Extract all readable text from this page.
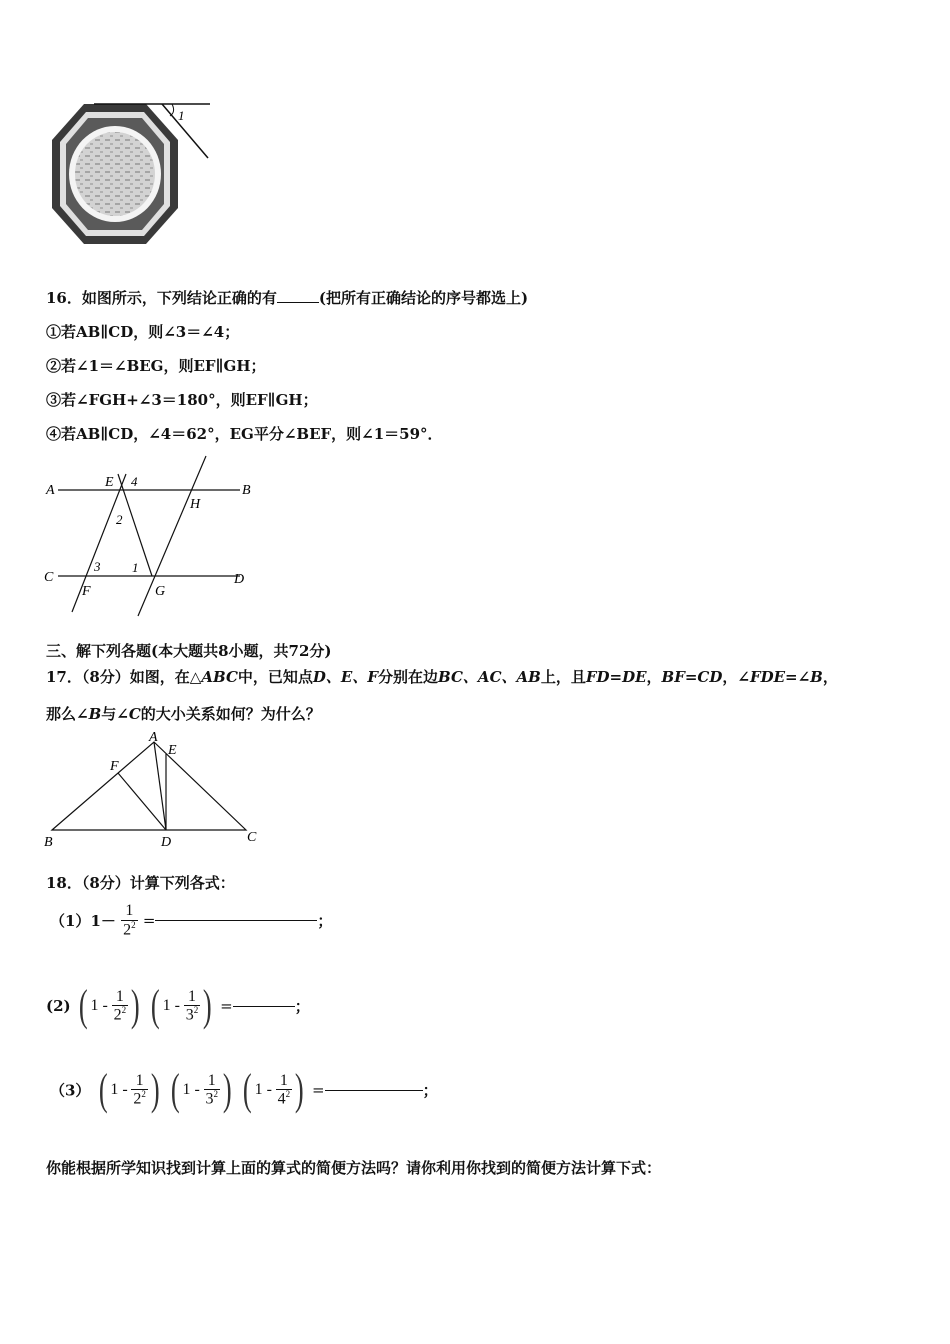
1
16．如图所示，下列结论正确的有	(把所有正确结论的序号都选上)
①若AB∥CD，则∠3＝∠4；
②若∠1＝∠BEG，则EF∥GH；
③若∠FGH+∠3＝180°，则EF∥GH；
④若AB∥CD，∠4＝62°，EG平分∠BEF，则∠1＝59°．
A	B
C	D
E
F	G
H
1
2
3
4
三、解下列各题(本大题共8小题，共72分)
17．（8分）如图，在△ABC中，已知点D、E、F分别在边BC、AC、AB上，且FD=DE，BF=CD，∠FDE=∠B，
那么∠B与∠C的大小关系如何？为什么？
A
B	C
D
E
F
18．（8分）计算下列各式：
$(1)1- \frac{1}{2^2}$ =	；
(2) ( $1 - \frac{1}{2^2}$ ) ( $1 - \frac{1}{3^2}$ ) =	；
（3） ( $1 - \frac{1}{2^2}$ ) ( $1 - \frac{1}{3^2}$ ) ( $1 - \frac{1}{4^2}$ ) =	；
你能根据所学知识找到计算上面的算式的简便方法吗？请你利用你找到的简便方法计算下式：
